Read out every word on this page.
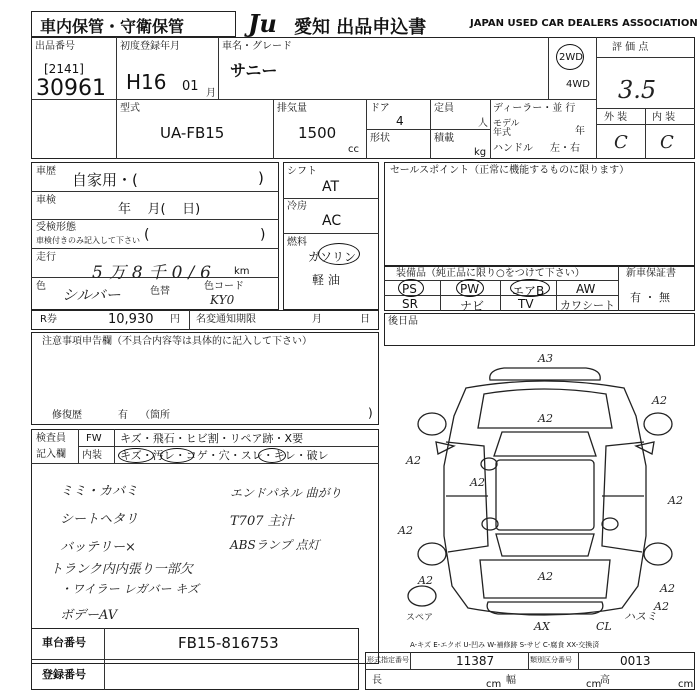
車内保管・守衛保管	Ju 愛知 出品申込書	JAPAN USED CAR DEALERS ASSOCIATION
出品番号
[2141]
30961
初度登録年月
H16 01 月
車名・グレード
サニー
2WD
4WD
評 価 点
3.5
外 装 内 装
C C
型式
UA-FB15
排気量
1500
cc
ドア
4
形状
定員
人
積載
kg
ディーラー・並 行
モデル 年式	年
ハンドル 左・右
車歴 自家用・(	)
車検
年    月(    日)
受検形態
車検付きのみ記入して下さい (	)
走行
5万8千0/6 km
色 シルバー	色替	色コード
KY0
シフト
AT
冷房
AC
燃料
ガソリン
軽 油
セールスポイント（正常に機能するものに限ります）
装備品（純正品に限り○をつけて下さい）
PS	PW	エアB	AW
SR	ナビ	TV カワシート
新車保証書
有 ・ 無
R券	10,930 円 名変通知期限	月	日 後日品
注意事項申告欄（不具合内容等は具体的に記入して下さい）
修復歴	有 （箇所	)
検査員
記入欄
FW キズ・飛石・ヒビ割・リペア跡・X要
内装 キズ・汚レ・コゲ・穴・スレ・キレ・破レ
ミミ・カバミ
シートヘタリ
バッテリー×
トランク内内張り一部欠
・ワイラー レガバー キズ
ボデーAV
エンドパネル 曲がり
T707 主汁
ABSランプ 点灯
A3
A2
A2
A2
A2
A2
A2
A2
A2
A2
A2
スペア
AX	CL
ハスミ
A-キズ E-エクボ U-凹み W-補修跡 S-サビ C-腐食 XX-交換済
車台番号	FB15-816753
登録番号
形式指定番号	11387	類別区分番号	0013
長	cm 幅	cm
高	cm
